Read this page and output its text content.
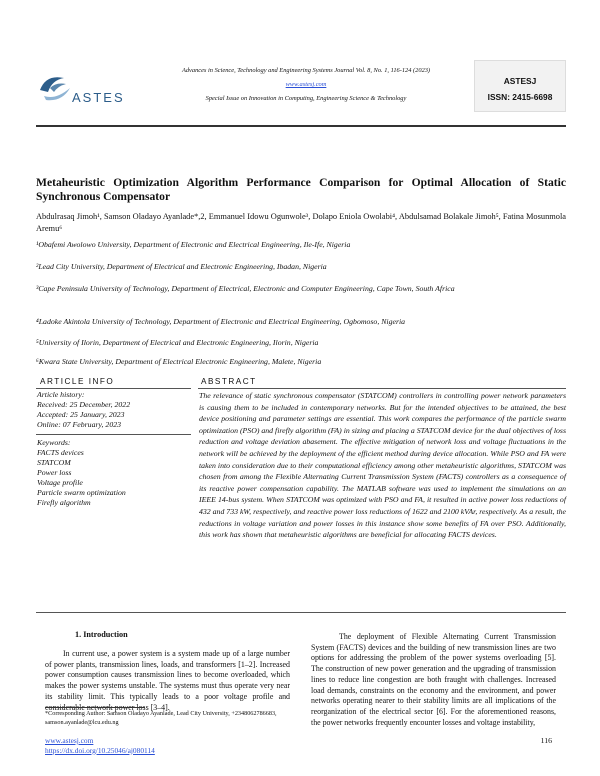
ASTES
Advances in Science, Technology and Engineering Systems Journal Vol. 8, No. 1, 116-124 (2023)
www.astesj.com
Special Issue on Innovation in Computing, Engineering Science & Technology
ASTESJ
ISSN: 2415-6698
Metaheuristic Optimization Algorithm Performance Comparison for Optimal Allocation of Static Synchronous Compensator
Abdulrasaq Jimoh¹, Samson Oladayo Ayanlade*,2, Emmanuel Idowu Ogunwole³, Dolapo Eniola Owolabi⁴, Abdulsamad Bolakale Jimoh⁵, Fatina Mosunmola Aremu⁶
¹Obafemi Awolowo University, Department of Electronic and Electrical Engineering, Ile-Ife, Nigeria
²Lead City University, Department of Electrical and Electronic Engineering, Ibadan, Nigeria
³Cape Peninsula University of Technology, Department of Electrical, Electronic and Computer Engineering, Cape Town, South Africa
⁴Ladoke Akintola University of Technology, Department of Electronic and Electrical Engineering, Ogbomoso, Nigeria
⁵University of Ilorin, Department of Electrical and Electronic Engineering, Ilorin, Nigeria
⁶Kwara State University, Department of Electrical Electronic Engineering, Malete, Nigeria
ARTICLE INFO	ABSTRACT
Article history:
Received: 25 December, 2022
Accepted: 25 January, 2023
Online: 07 February, 2023
Keywords:
FACTS devices
STATCOM
Power loss
Voltage profile
Particle swarm optimization
Firefly algorithm
The relevance of static synchronous compensator (STATCOM) controllers in controlling power network parameters is causing them to be included in contemporary networks. But for the intended objectives to be attained, the best device positioning and parameter settings are essential. This work compares the performance of the particle swarm optimization (PSO) and firefly algorithm (FA) in sizing and placing a STATCOM device for the dual objectives of loss reduction and voltage deviation abasement. The effective mitigation of network loss and voltage fluctuations in the network will be achieved by the deployment of the efficient method during device allocation. While PSO and FA were taken into consideration due to their computational efficiency among other metaheuristic algorithms, STATCOM was chosen from among the Flexible Alternating Current Transmission System (FACTS) controllers as a consequence of its reactive power compensation capability. The MATLAB software was used to implement the simulations on an IEEE 14-bus system. When STATCOM was optimized with PSO and FA, it resulted in active power loss reductions of 432 and 733 kW, respectively, and reactive power loss reductions of 1622 and 2100 kVAr, respectively. As a result, the reductions in voltage variation and power losses in this instance show some benefits of FA over PSO. Additionally, this work has shown that metaheuristic algorithms are beneficial for allocating FACTS devices.
1. Introduction
In current use, a power system is a system made up of a large number of power plants, transmission lines, loads, and transformers [1–2]. Increased power consumption causes transmission lines to become overloaded, which makes the power systems unstable. The systems must thus operate very near its stability limit. This typically leads to a poor voltage profile and considerable network power loss [3–4].
The deployment of Flexible Alternating Current Transmission System (FACTS) devices and the building of new transmission lines are two options for addressing the problem of the power systems overloading [5]. The construction of new power generation and the upgrading of transmission lines to reduce line congestion are both fraught with challenges. Increased load demands, constraints on the economy and the environment, and power networks operating nearer to their stability limits are all implications of the reorganization of the electrical sector [6]. For the aforementioned reasons, the power networks frequently encounter losses and voltage instability,
*Corresponding Author: Samson Oladayo Ayanlade, Lead City University, +2348062786683, samson.ayanlade@lcu.edu.ng
www.astesj.com
https://dx.doi.org/10.25046/aj080114
116
